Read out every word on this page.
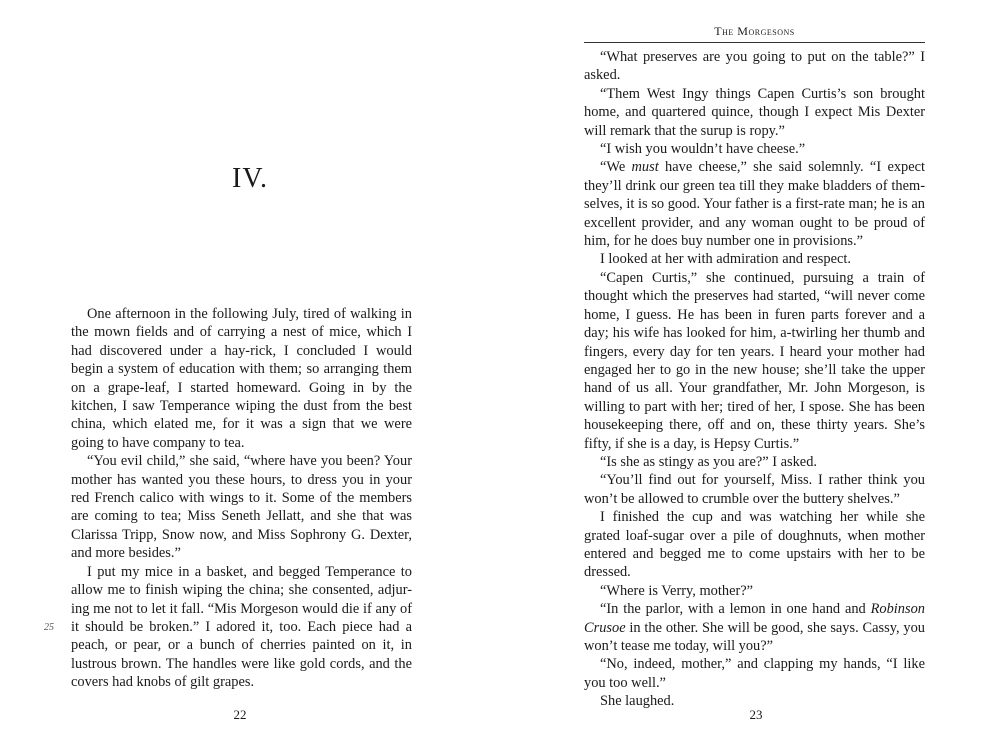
IV.

One afternoon in the following July, tired of walking in the mown fields and of carrying a nest of mice, which I had discovered under a hay-rick, I concluded I would begin a system of education with them; so arranging them on a grape-leaf, I started homeward. Going in by the kitchen, I saw Temperance wiping the dust from the best china, which elated me, for it was a sign that we were going to have company to tea.

“You evil child,” she said, “where have you been? Your mother has wanted you these hours, to dress you in your red French calico with wings to it. Some of the members are coming to tea; Miss Seneth Jellatt, and she that was Clarissa Tripp, Snow now, and Miss Sophrony G. Dexter, and more besides.”

I put my mice in a basket, and begged Temperance to allow me to finish wiping the china; she consented, adjur-ing me not to let it fall. “Mis Morgeson would die if any of it should be broken.” I adored it, too. Each piece had a peach, or pear, or a bunch of cherries painted on it, in lustrous brown. The handles were like gold cords, and the covers had knobs of gilt grapes.

25
22
The Morgesons

“What preserves are you going to put on the table?” I asked.

“Them West Ingy things Capen Curtis’s son brought home, and quartered quince, though I expect Mis Dexter will remark that the surup is ropy.”

“I wish you wouldn’t have cheese.”

“We must have cheese,” she said solemnly. “I expect they’ll drink our green tea till they make bladders of them-selves, it is so good. Your father is a first-rate man; he is an excellent provider, and any woman ought to be proud of him, for he does buy number one in provisions.”

I looked at her with admiration and respect.

“Capen Curtis,” she continued, pursuing a train of thought which the preserves had started, “will never come home, I guess. He has been in furen parts forever and a day; his wife has looked for him, a-twirling her thumb and fingers, every day for ten years. I heard your mother had engaged her to go in the new house; she’ll take the upper hand of us all. Your grandfather, Mr. John Morgeson, is willing to part with her; tired of her, I spose. She has been housekeeping there, off and on, these thirty years. She’s fifty, if she is a day, is Hepsy Curtis.”

“Is she as stingy as you are?” I asked.

“You’ll find out for yourself, Miss. I rather think you won’t be allowed to crumble over the buttery shelves.”

I finished the cup and was watching her while she grated loaf-sugar over a pile of doughnuts, when mother entered and begged me to come upstairs with her to be dressed.

“Where is Verry, mother?”

“In the parlor, with a lemon in one hand and Robinson Crusoe in the other. She will be good, she says. Cassy, you won’t tease me today, will you?”

“No, indeed, mother,” and clapping my hands, “I like you too well.”

She laughed.

23
